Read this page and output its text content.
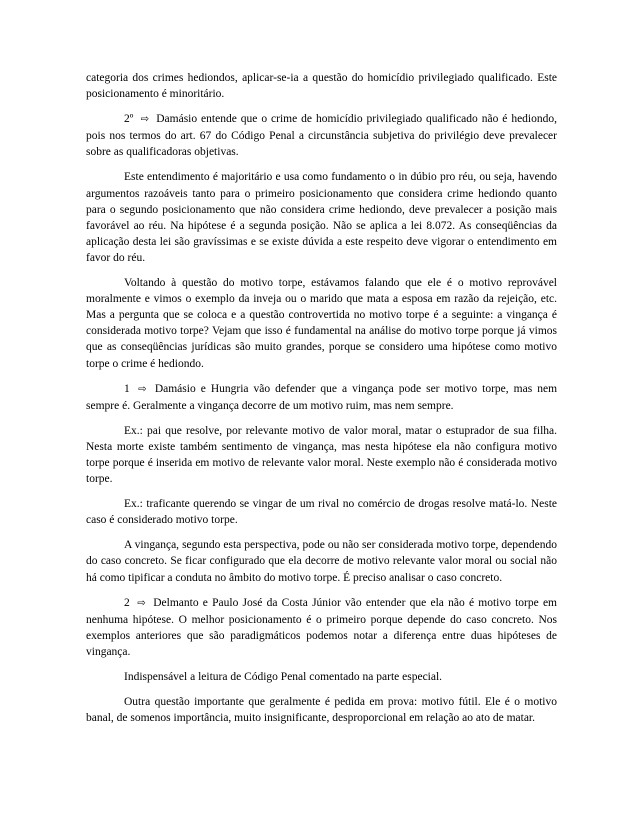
categoria dos crimes hediondos, aplicar-se-ia a questão do homicídio privilegiado qualificado. Este posicionamento é minoritário.

2º ⇨ Damásio entende que o crime de homicídio privilegiado qualificado não é hediondo, pois nos termos do art. 67 do Código Penal a circunstância subjetiva do privilégio deve prevalecer sobre as qualificadoras objetivas.

Este entendimento é majoritário e usa como fundamento o in dúbio pro réu, ou seja, havendo argumentos razoáveis tanto para o primeiro posicionamento que considera crime hediondo quanto para o segundo posicionamento que não considera crime hediondo, deve prevalecer a posição mais favorável ao réu. Na hipótese é a segunda posição. Não se aplica a lei 8.072. As conseqüências da aplicação desta lei são gravíssimas e se existe dúvida a este respeito deve vigorar o entendimento em favor do réu.

Voltando à questão do motivo torpe, estávamos falando que ele é o motivo reprovável moralmente e vimos o exemplo da inveja ou o marido que mata a esposa em razão da rejeição, etc. Mas a pergunta que se coloca e a questão controvertida no motivo torpe é a seguinte: a vingança é considerada motivo torpe? Vejam que isso é fundamental na análise do motivo torpe porque já vimos que as conseqüências jurídicas são muito grandes, porque se considero uma hipótese como motivo torpe o crime é hediondo.

1 ⇨ Damásio e Hungria vão defender que a vingança pode ser motivo torpe, mas nem sempre é. Geralmente a vingança decorre de um motivo ruim, mas nem sempre.

Ex.: pai que resolve, por relevante motivo de valor moral, matar o estuprador de sua filha. Nesta morte existe também sentimento de vingança, mas nesta hipótese ela não configura motivo torpe porque é inserida em motivo de relevante valor moral. Neste exemplo não é considerada motivo torpe.

Ex.: traficante querendo se vingar de um rival no comércio de drogas resolve matá-lo. Neste caso é considerado motivo torpe.

A vingança, segundo esta perspectiva, pode ou não ser considerada motivo torpe, dependendo do caso concreto. Se ficar configurado que ela decorre de motivo relevante valor moral ou social não há como tipificar a conduta no âmbito do motivo torpe. É preciso analisar o caso concreto.

2 ⇨ Delmanto e Paulo José da Costa Júnior vão entender que ela não é motivo torpe em nenhuma hipótese. O melhor posicionamento é o primeiro porque depende do caso concreto. Nos exemplos anteriores que são paradigmáticos podemos notar a diferença entre duas hipóteses de vingança.

Indispensável a leitura de Código Penal comentado na parte especial.

Outra questão importante que geralmente é pedida em prova: motivo fútil. Ele é o motivo banal, de somenos importância, muito insignificante, desproporcional em relação ao ato de matar.
